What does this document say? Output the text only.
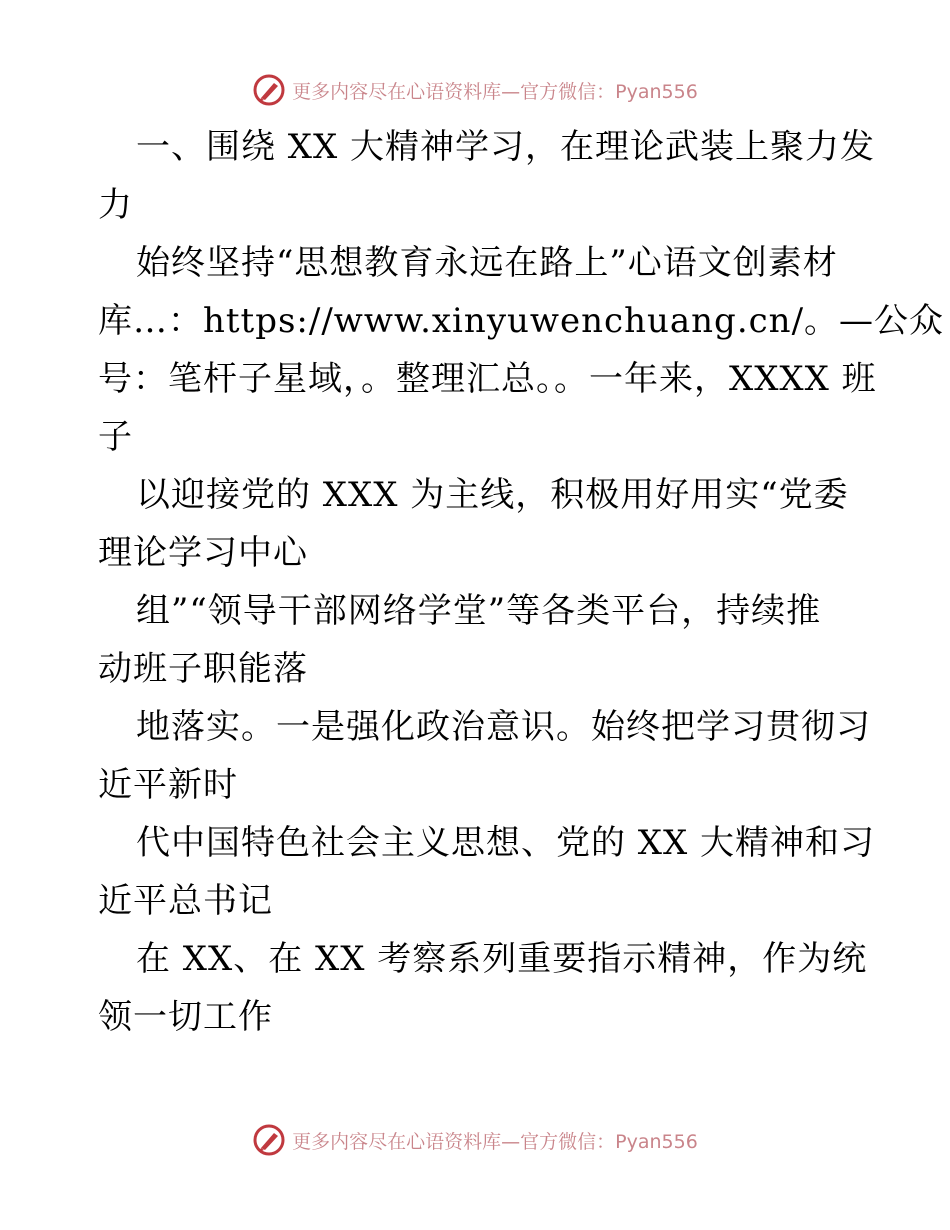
更多内容尽在心语资料库—官方微信：Pyan556
一、围绕 XX 大精神学习，在理论武装上聚力发
力
始终坚持“思想教育永远在路上”心语文创素材
库…：https://www.xinyuwenchuang.cn/。—公众
号：笔杆子星域，。整理汇总。。一年来，XXXX 班
子
以迎接党的 XXX 为主线，积极用好用实“党委
理论学习中心
组”“领导干部网络学堂”等各类平台，持续推
动班子职能落
地落实。一是强化政治意识。始终把学习贯彻习
近平新时
代中国特色社会主义思想、党的 XX 大精神和习
近平总书记
在 XX、在 XX 考察系列重要指示精神，作为统
领一切工作
更多内容尽在心语资料库—官方微信：Pyan556
